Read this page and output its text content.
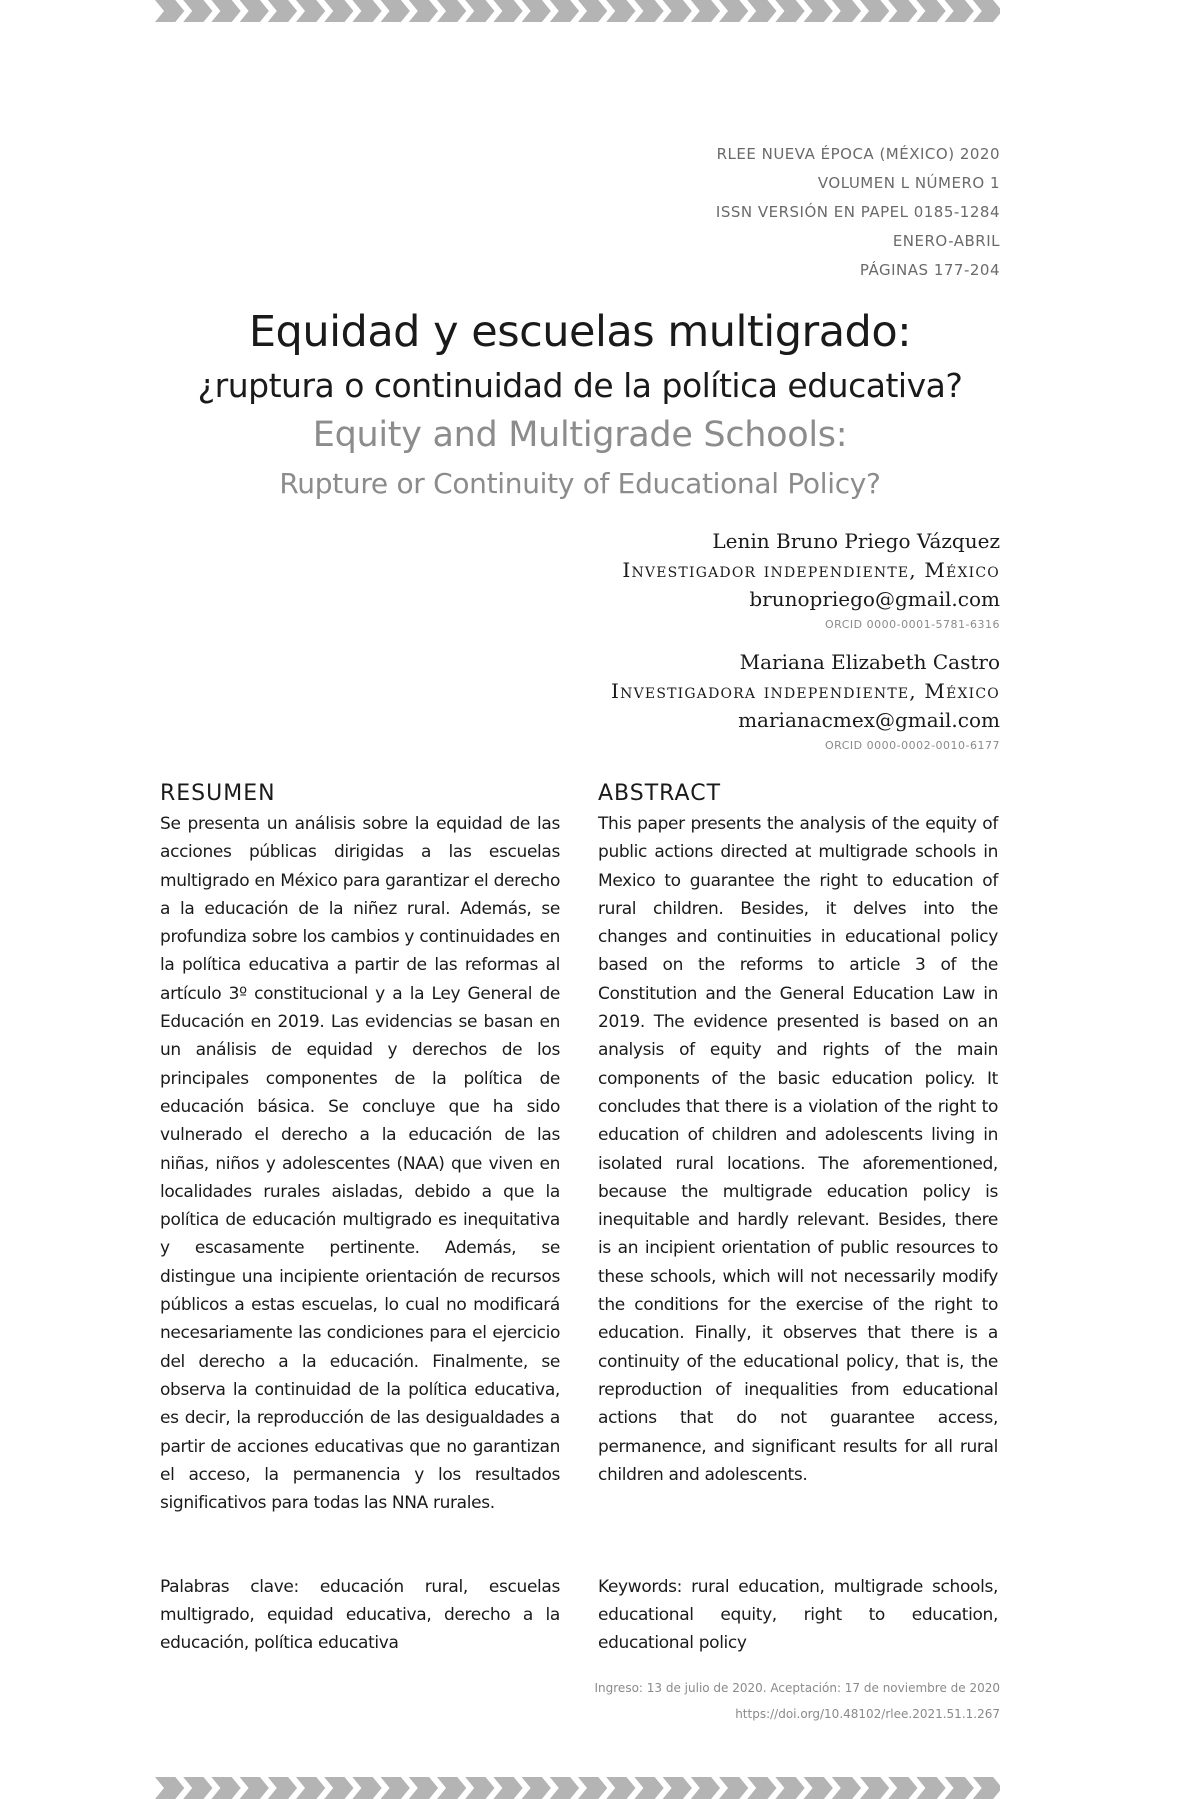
RLEE NUEVA ÉPOCA (MÉXICO) 2020
VOLUMEN L NÚMERO 1
ISSN VERSIÓN EN PAPEL 0185-1284
ENERO-ABRIL
PÁGINAS 177-204
Equidad y escuelas multigrado:
¿ruptura o continuidad de la política educativa?
Equity and Multigrade Schools:
Rupture or Continuity of Educational Policy?
Lenin Bruno Priego Vázquez
Investigador independiente, México
brunopriego@gmail.com
ORCID 0000-0001-5781-6316
Mariana Elizabeth Castro
Investigadora independiente, México
marianacmex@gmail.com
ORCID 0000-0002-0010-6177
RESUMEN
Se presenta un análisis sobre la equidad de las acciones públicas dirigidas a las escuelas multigrado en México para garantizar el derecho a la educación de la niñez rural. Además, se profundiza sobre los cambios y continuidades en la política educativa a partir de las reformas al artículo 3º constitucional y a la Ley General de Educación en 2019. Las evidencias se basan en un análisis de equidad y derechos de los principales componentes de la política de educación básica. Se concluye que ha sido vulnerado el derecho a la educación de las niñas, niños y adolescentes (NAA) que viven en localidades rurales aisladas, debido a que la política de educación multigrado es inequitativa y escasamente pertinente. Además, se distingue una incipiente orientación de recursos públicos a estas escuelas, lo cual no modificará necesariamente las condiciones para el ejercicio del derecho a la educación. Finalmente, se observa la continuidad de la política educativa, es decir, la reproducción de las desigualdades a partir de acciones educativas que no garantizan el acceso, la permanencia y los resultados significativos para todas las NNA rurales.
ABSTRACT
This paper presents the analysis of the equity of public actions directed at multigrade schools in Mexico to guarantee the right to education of rural children. Besides, it delves into the changes and continuities in educational policy based on the reforms to article 3 of the Constitution and the General Education Law in 2019. The evidence presented is based on an analysis of equity and rights of the main components of the basic education policy. It concludes that there is a violation of the right to education of children and adolescents living in isolated rural locations. The aforementioned, because the multigrade education policy is inequitable and hardly relevant. Besides, there is an incipient orientation of public resources to these schools, which will not necessarily modify the conditions for the exercise of the right to education. Finally, it observes that there is a continuity of the educational policy, that is, the reproduction of inequalities from educational actions that do not guarantee access, permanence, and significant results for all rural children and adolescents.
Palabras clave: educación rural, escuelas multigrado, equidad educativa, derecho a la educación, política educativa
Keywords: rural education, multigrade schools, educational equity, right to education, educational policy
Ingreso: 13 de julio de 2020. Aceptación: 17 de noviembre de 2020
https://doi.org/10.48102/rlee.2021.51.1.267
